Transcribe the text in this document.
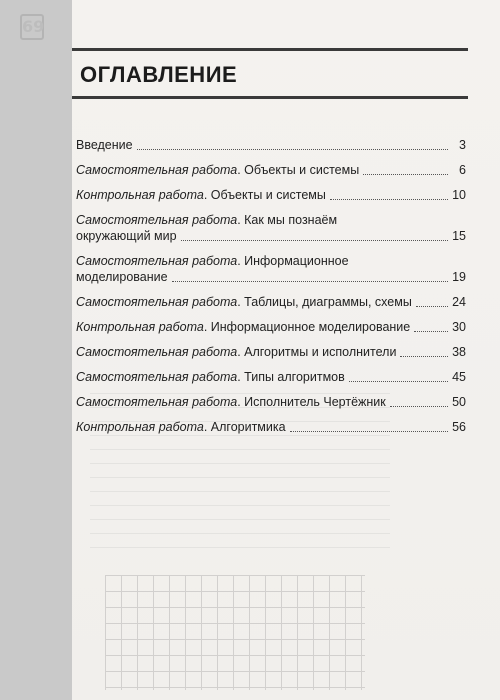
69
ОГЛАВЛЕНИЕ
Введение	3
Самостоятельная работа. Объекты и системы	6
Контрольная работа. Объекты и системы	10
Самостоятельная работа. Как мы познаём
окружающий мир	15
Самостоятельная работа. Информационное
моделирование	19
Самостоятельная работа. Таблицы, диаграммы, схемы	24
Контрольная работа. Информационное моделирование	30
Самостоятельная работа. Алгоритмы и исполнители	38
Самостоятельная работа. Типы алгоритмов	45
Самостоятельная работа. Исполнитель Чертёжник	50
Контрольная работа. Алгоритмика	56
